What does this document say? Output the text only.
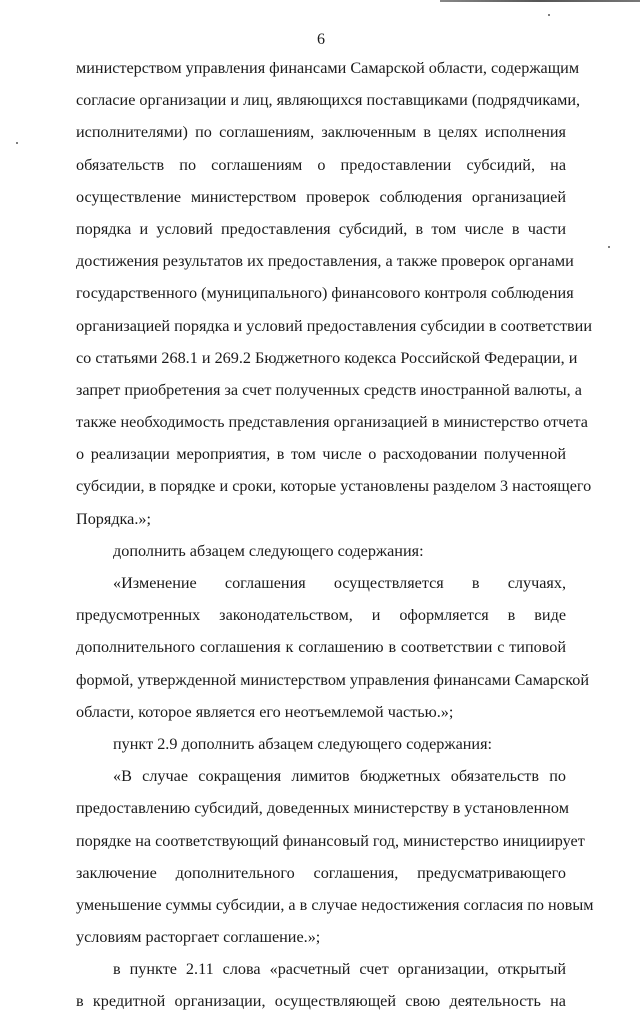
6
министерством управления финансами Самарской области, содержащим
согласие организации и лиц, являющихся поставщиками (подрядчиками,
исполнителями) по соглашениям, заключенным в целях исполнения
обязательств по соглашениям о предоставлении субсидий, на
осуществление министерством проверок соблюдения организацией
порядка и условий предоставления субсидий, в том числе в части
достижения результатов их предоставления, а также проверок органами
государственного (муниципального) финансового контроля соблюдения
организацией порядка и условий предоставления субсидии в соответствии
со статьями 268.1 и 269.2 Бюджетного кодекса Российской Федерации, и
запрет приобретения за счет полученных средств иностранной валюты, а
также необходимость представления организацией в министерство отчета
о реализации мероприятия, в том числе о расходовании полученной
субсидии, в порядке и сроки, которые установлены разделом 3 настоящего
Порядка.»;
дополнить абзацем следующего содержания:
«Изменение соглашения осуществляется в случаях,
предусмотренных законодательством, и оформляется в виде
дополнительного соглашения к соглашению в соответствии с типовой
формой, утвержденной министерством управления финансами Самарской
области, которое является его неотъемлемой частью.»;
пункт 2.9 дополнить абзацем следующего содержания:
«В случае сокращения лимитов бюджетных обязательств по
предоставлению субсидий, доведенных министерству в установленном
порядке на соответствующий финансовый год, министерство инициирует
заключение дополнительного соглашения, предусматривающего
уменьшение суммы субсидии, а в случае недостижения согласия по новым
условиям расторгает соглашение.»;
в пункте 2.11 слова «расчетный счет организации, открытый
в кредитной организации, осуществляющей свою деятельность на
